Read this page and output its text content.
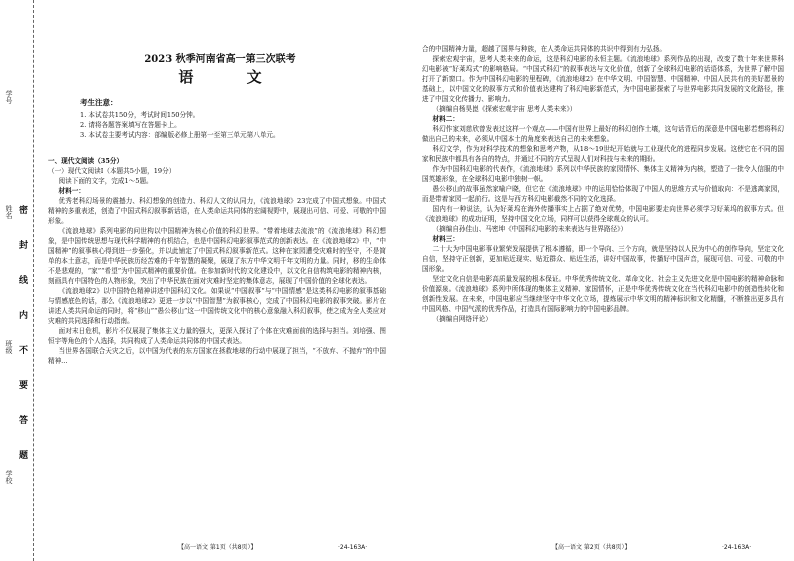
学号
姓名
班级
学校
密
封
线
内
不
要
答
题
2023 秋季河南省高一第三次联考
语 文
考生注意：
1. 本试卷共150分，考试时间150分钟。
2. 请将各题答案填写在答题卡上。
3. 本试卷主要考试内容：部编版必修上册第一至第三单元第八单元。

一、现代文阅读（35分）

（一）现代文阅读Ⅰ（本题共5小题，19分）

阅读下面的文字，完成1～5题。

材料一：

优秀老科幻场景的震撼力、科幻想象的创造力、科幻人文的认同力，《流浪地球》23完成了中国式想象。中国式精神的多重表述，创造了中国式科幻叙事新话语，在人类命运共同体的宏阔视野中，展现出可信、可爱、可敬的中国形象。

《流浪地球》系列电影的问世构以中国精神为核心价值的科幻世界。“带着地球去流浪”的《流浪地球》科幻想象，是中国传统思想与现代科学精神的有机结合，也是中国科幻电影叙事范式的创新表达。在《流浪地球2》中，“中国精神”的叙事核心得到进一步强化，并以此铺定了中国式科幻叙事新范式。这种在家园遭受灾难时的坚守，不是简单的本土意志，而是中华民族历经苦难的千年智慧的凝聚，展现了东方中华文明千年文明的力量。同时，移的生命体不是悲观的，“家”“希望”为中国式精神的重要价值。在参加新时代的文化建设中，以文化自信构筑电影的精神内核，刻画具有中国特色的人物形象，突出了中华民族在面对灾难时坚定的集体意志，展现了中国价值的全球化表达。

《流浪地球2》以中国特色精神讲述中国科幻文化。如果说“中国叙事”与“中国情感”是这类科幻电影的叙事基础与情感底色的话，那么《流浪地球2》更进一步以“中国智慧”为叙事核心，完成了中国科幻电影的叙事突破。影片在讲述人类共同命运的同时，将“移山”“愚公移山”这一中国传统文化中的核心意象融入科幻叙事，使之成为全人类应对灾难的共同选择和行动指南。

面对末日危机，影片不仅展现了集体主义力量的强大，更深入探讨了个体在灾难面前的选择与担当。刘培强、图恒宇等角色的个人选择，共同构成了人类命运共同体的中国式表达。

当世界各国联合天灾之后，以中国为代表的东方国家在拯救地球的行动中展现了担当，“不放弃、不抛弃”的中国精神...

【高一语文 第1页（共8页）】	·24-163A·

合的中国精神力量，超越了国界与种族，在人类命运共同体的共识中得到有力弘扬。

探索宏观宇宙，思考人类未来的命运，这是科幻电影的永恒主题。《流浪地球》系列作品的出现，改变了数十年来世界科幻电影被“好莱坞式”的影响格局。“中国式科幻”的叙事表达与文化价值，创新了全球科幻电影的话语体系，为世界了解中国打开了新窗口。作为中国科幻电影的里程碑，《流浪地球2》在中华文明、中国智慧、中国精神、中国人民共有的美好愿景的基础上，以中国文化的叙事方式和价值表达建构了科幻电影新范式，为中国电影探索了与世界电影共同发展的文化路径，推进了中国文化传播力、影响力。

（摘编自杨昊崑《探索宏观宇宙 思考人类未来》）

材料二：

科幻作家刘慈欣曾发表过这样一个观点——中国有世界上最好的科幻创作土壤，这句话背后的深意是中国电影若想将科幻做出自己的未来，必须从中国本土的角度来表达自己的未来想象。

科幻文学，作为对科学技术的想象和思考产物，从18～19世纪开始就与工业现代化的进程同步发展。这使它在不同的国家和民族中都具有各自的特点，并通过不同的方式呈现人们对科技与未来的期盼。

作为中国科幻电影的代表作，《流浪地球》系列以中华民族的家园情怀、集体主义精神为内核，塑造了一批令人信服的中国英雄形象，在全球科幻电影中独树一帜。

愚公移山的故事虽然家喻户晓，但它在《流浪地球》中的运用恰恰体现了中国人的思维方式与价值取向：不是逃离家园，而是带着家园一起前行。这是与西方科幻电影截然不同的文化选择。

国内有一种说法，认为好莱坞在海外传播事实上占据了绝对优势，中国电影要走向世界必须学习好莱坞的叙事方式。但《流浪地球》的成功证明，坚持中国文化立场，同样可以获得全球观众的认可。

（摘编自孙佳山、马密坤《中国科幻电影的未来表达与世界路径》）

材料三：

二十大为中国电影事业繁荣发展提供了根本遵循，即一个导向、三个方向，就是坚持以人民为中心的创作导向，坚定文化自信，坚持守正创新，更加贴近现实、贴近群众、贴近生活，讲好中国故事，传播好中国声音，展现可信、可爱、可敬的中国形象。

坚定文化自信是电影高质量发展的根本保证。中华优秀传统文化、革命文化、社会主义先进文化是中国电影的精神命脉和价值源泉。《流浪地球》系列中所体现的集体主义精神、家国情怀，正是中华优秀传统文化在当代科幻电影中的创造性转化和创新性发展。在未来，中国电影应当继续坚守中华文化立场，提炼展示中华文明的精神标识和文化精髓，不断推出更多具有中国风格、中国气派的优秀作品，打造具有国际影响力的中国电影品牌。

（摘编自网络评论）

【高一语文 第2页（共8页）】	·24-163A·
